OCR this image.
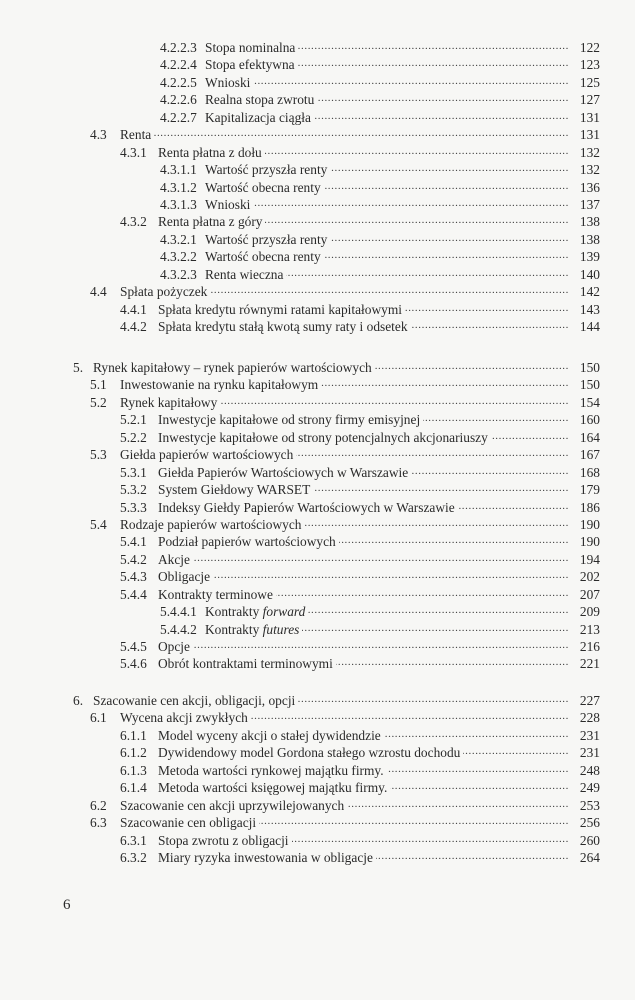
4.2.2.3 Stopa nominalna .....	122
4.2.2.4 Stopa efektywna .....	123
4.2.2.5 Wnioski .....	125
4.2.2.6 Realna stopa zwrotu .....	127
4.2.2.7 Kapitalizacja ciągła .....	131
4.3 Renta .....	131
4.3.1 Renta płatna z dołu .....	132
4.3.1.1 Wartość przyszła renty .....	132
4.3.1.2 Wartość obecna renty .....	136
4.3.1.3 Wnioski .....	137
4.3.2 Renta płatna z góry .....	138
4.3.2.1 Wartość przyszła renty .....	138
4.3.2.2 Wartość obecna renty .....	139
4.3.2.3 Renta wieczna .....	140
4.4 Spłata pożyczek .....	142
4.4.1 Spłata kredytu równymi ratami kapitałowymi .....	143
4.4.2 Spłata kredytu stałą kwotą sumy raty i odsetek .....	144
5. Rynek kapitałowy – rynek papierów wartościowych .....	150
5.1 Inwestowanie na rynku kapitałowym .....	150
5.2 Rynek kapitałowy .....	154
5.2.1 Inwestycje kapitałowe od strony firmy emisyjnej .....	160
5.2.2 Inwestycje kapitałowe od strony potencjalnych akcjonariuszy .....	164
5.3 Giełda papierów wartościowych .....	167
5.3.1 Giełda Papierów Wartościowych w Warszawie .....	168
5.3.2 System Giełdowy WARSET .....	179
5.3.3 Indeksy Giełdy Papierów Wartościowych w Warszawie .....	186
5.4 Rodzaje papierów wartościowych .....	190
5.4.1 Podział papierów wartościowych .....	190
5.4.2 Akcje .....	194
5.4.3 Obligacje .....	202
5.4.4 Kontrakty terminowe .....	207
5.4.4.1 Kontrakty forward .....	209
5.4.4.2 Kontrakty futures .....	213
5.4.5 Opcje .....	216
5.4.6 Obrót kontraktami terminowymi .....	221
6. Szacowanie cen akcji, obligacji, opcji .....	227
6.1 Wycena akcji zwykłych .....	228
6.1.1 Model wyceny akcji o stałej dywidendzie .....	231
6.1.2 Dywidendowy model Gordona stałego wzrostu dochodu .....	231
6.1.3 Metoda wartości rynkowej majątku firmy. .....	248
6.1.4 Metoda wartości księgowej majątku firmy. .....	249
6.2 Szacowanie cen akcji uprzywilejowanych .....	253
6.3 Szacowanie cen obligacji .....	256
6.3.1 Stopa zwrotu z obligacji .....	260
6.3.2 Miary ryzyka inwestowania w obligacje .....	264
6
